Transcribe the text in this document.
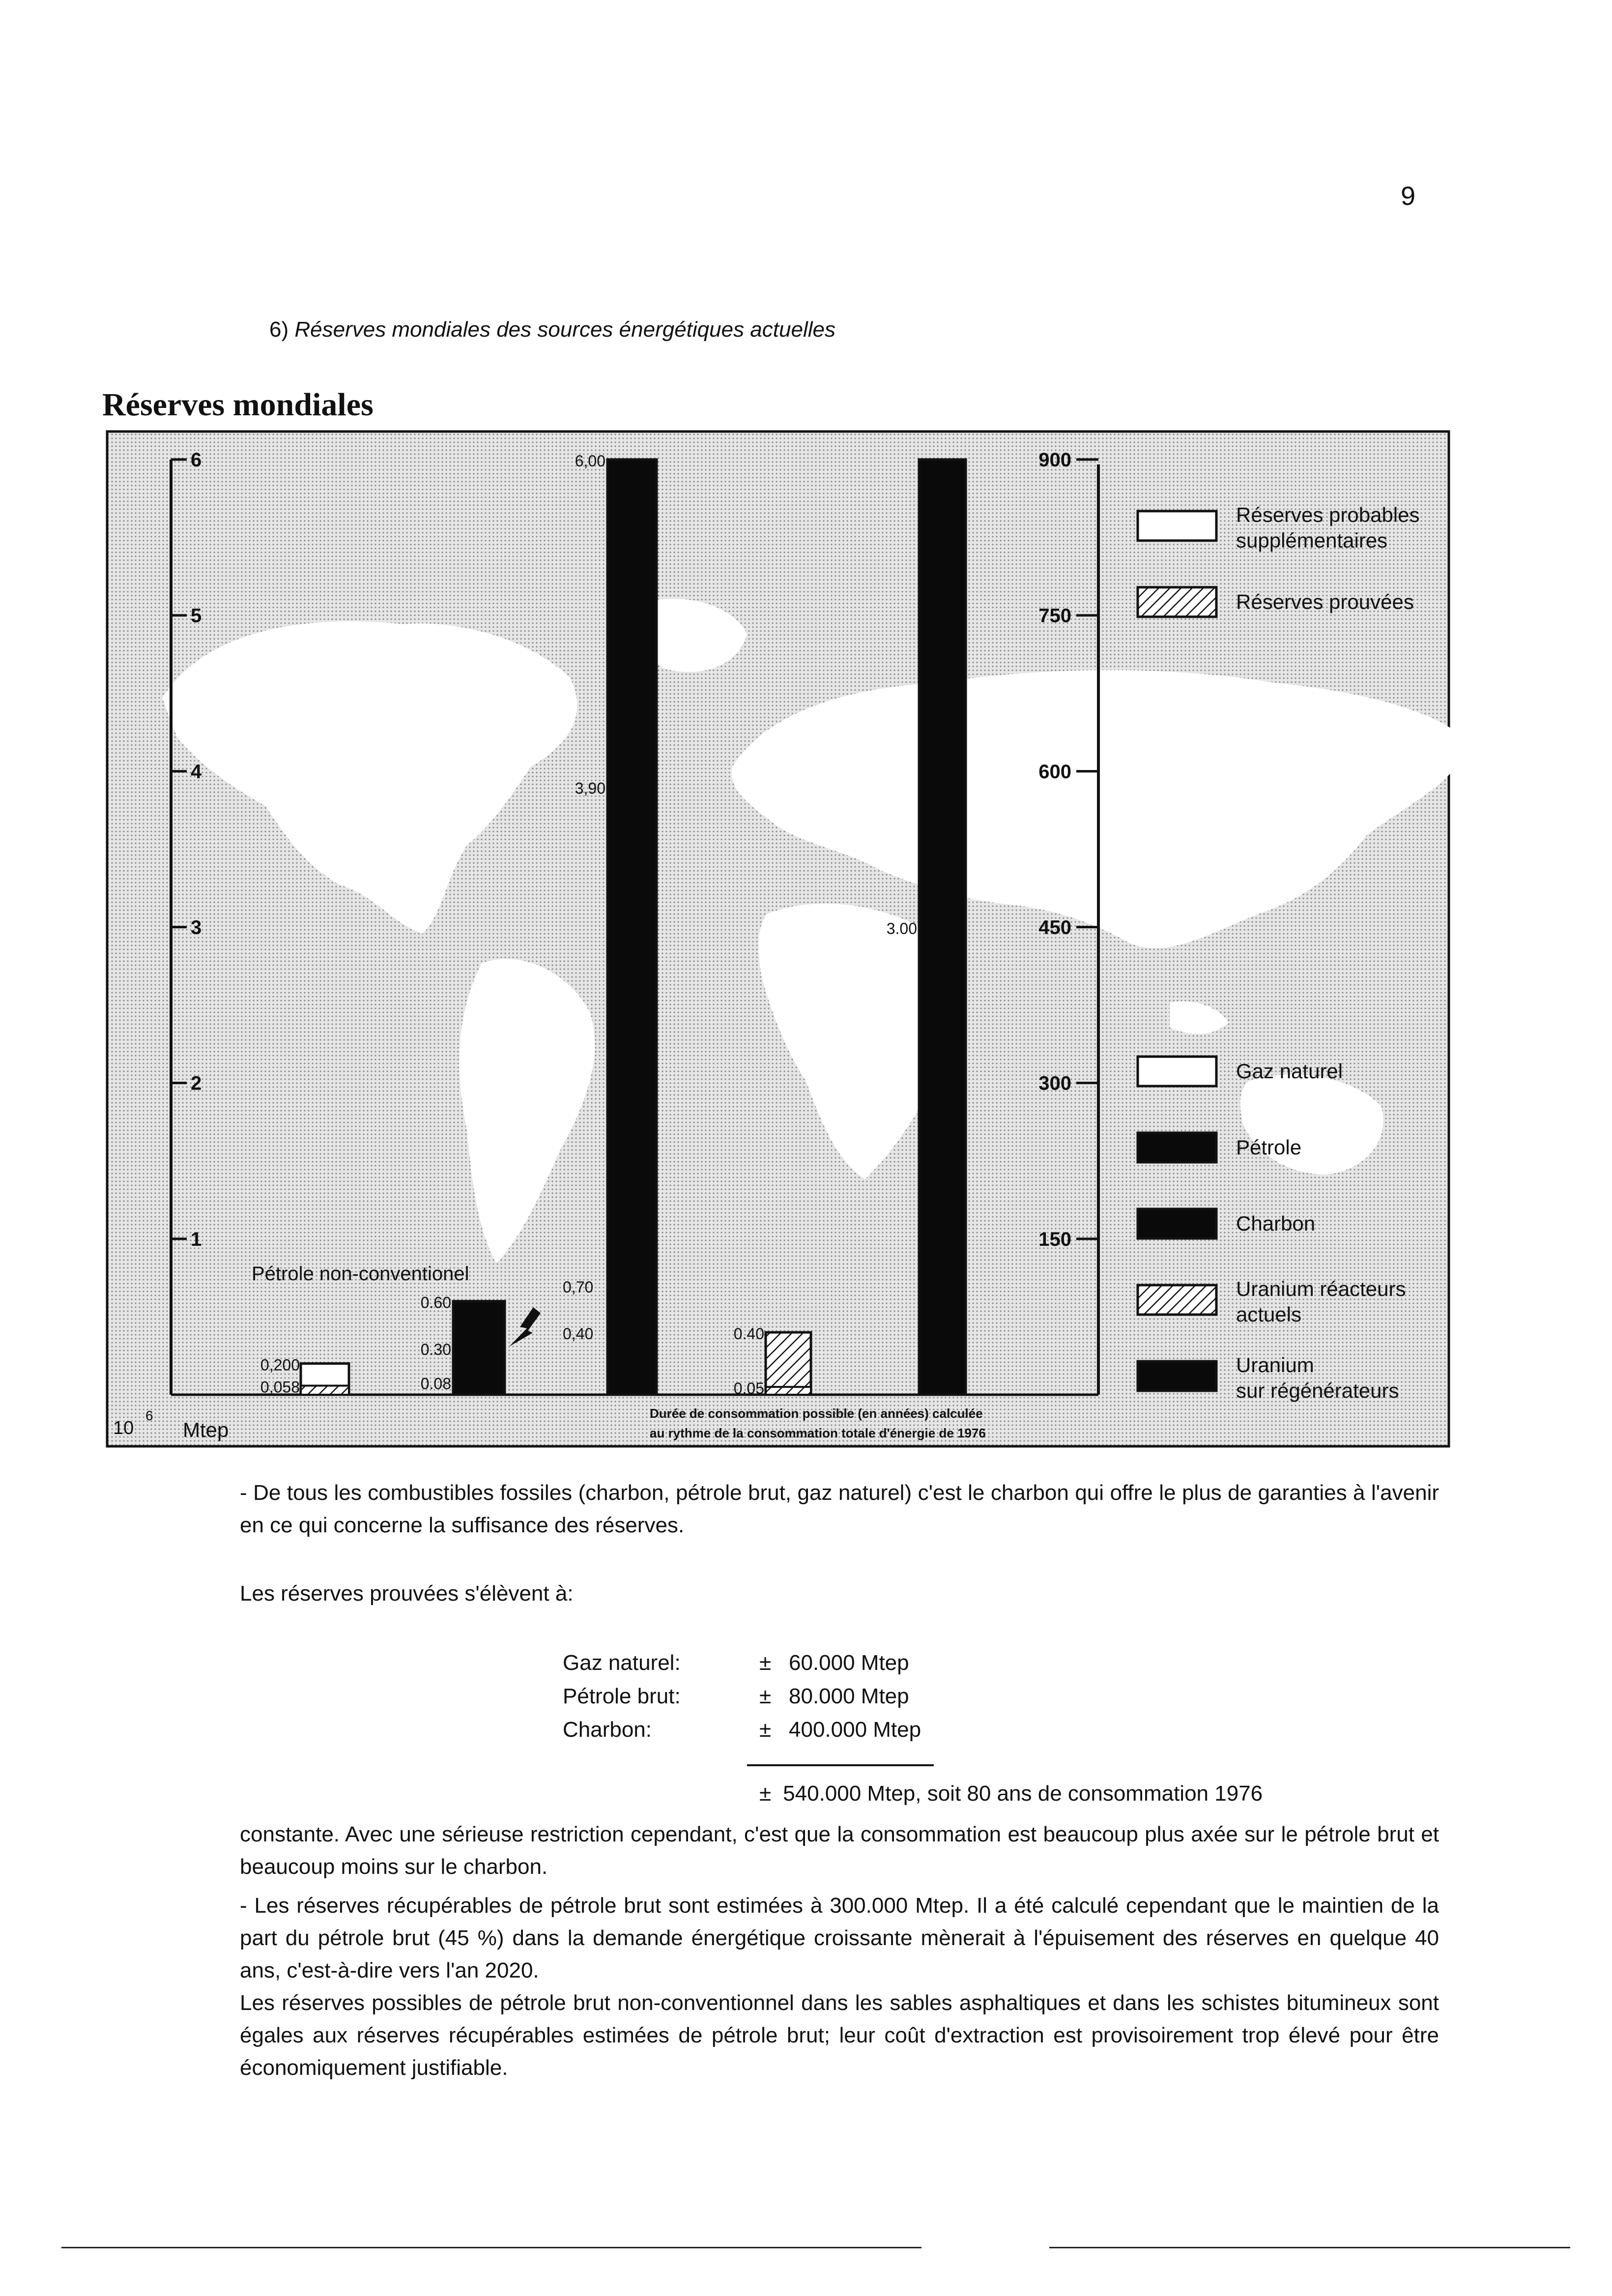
9
6) Réserves mondiales des sources énergétiques actuelles
Réserves mondiales
1
2
3
4
5
6
10
6
Mtep
150
300
450
600
750
900
Durée de consommation possible (en années) calculée
au rythme de la consommation totale d'énergie de 1976
0,200
0,058
0.60
0.30
0.08
6,00
3,90
0,70
0,40	0.40
0.05
3.00
Pétrole non-conventionel
Réserves probables
supplémentaires
Réserves prouvées
Gaz naturel
Pétrole
Charbon
Uranium réacteurs
actuels
Uranium
sur régénérateurs
- De tous les combustibles fossiles (charbon, pétrole brut, gaz naturel) c'est le charbon qui offre le plus de garanties à l'avenir en ce qui concerne la suffisance des réserves.
Les réserves prouvées s'élèvent à:
Gaz naturel:	± 60.000 Mtep
Pétrole brut:	± 80.000 Mtep
Charbon:	± 400.000 Mtep
± 540.000 Mtep, soit 80 ans de consommation 1976
constante. Avec une sérieuse restriction cependant, c'est que la consommation est beaucoup plus axée sur le pétrole brut et beaucoup moins sur le charbon.
- Les réserves récupérables de pétrole brut sont estimées à 300.000 Mtep. Il a été calculé cependant que le maintien de la part du pétrole brut (45 %) dans la demande énergétique croissante mènerait à l'épuisement des réserves en quelque 40 ans, c'est-à-dire vers l'an 2020.
Les réserves possibles de pétrole brut non-conventionnel dans les sables asphaltiques et dans les schistes bitumineux sont égales aux réserves récupérables estimées de pétrole brut; leur coût d'extraction est provisoirement trop élevé pour être économiquement justifiable.
